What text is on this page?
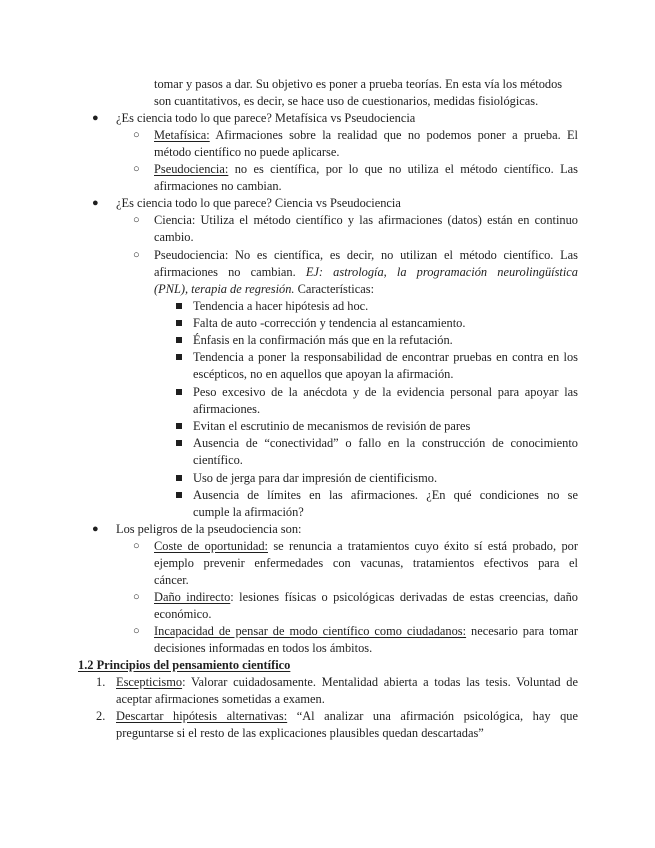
tomar y pasos a dar. Su objetivo es poner a prueba teorías. En esta vía los métodos
son cuantitativos, es decir, se hace uso de cuestionarios, medidas fisiológicas.
● ¿Es ciencia todo lo que parece? Metafísica vs Pseudociencia
○ Metafísica: Afirmaciones sobre la realidad que no podemos poner a prueba. El
método científico no puede aplicarse.
○ Pseudociencia: no es científica, por lo que no utiliza el método científico. Las
afirmaciones no cambian.
● ¿Es ciencia todo lo que parece? Ciencia vs Pseudociencia
○ Ciencia: Utiliza el método científico y las afirmaciones (datos) están en continuo
cambio.
○ Pseudociencia: No es científica, es decir, no utilizan el método científico. Las
afirmaciones no cambian. EJ: astrología, la programación neurolingüística
(PNL), terapia de regresión. Características:
Tendencia a hacer hipótesis ad hoc.
Falta de auto -corrección y tendencia al estancamiento.
Énfasis en la confirmación más que en la refutación.
Tendencia a poner la responsabilidad de encontrar pruebas en contra en los
escépticos, no en aquellos que apoyan la afirmación.
Peso excesivo de la anécdota y de la evidencia personal para apoyar las
afirmaciones.
Evitan el escrutinio de mecanismos de revisión de pares
Ausencia de “conectividad” o fallo en la construcción de conocimiento
científico.
Uso de jerga para dar impresión de cientificismo.
Ausencia de límites en las afirmaciones. ¿En qué condiciones no se
cumple la afirmación?
● Los peligros de la pseudociencia son:
○ Coste de oportunidad: se renuncia a tratamientos cuyo éxito sí está probado, por
ejemplo prevenir enfermedades con vacunas, tratamientos efectivos para el
cáncer.
○ Daño indirecto: lesiones físicas o psicológicas derivadas de estas creencias, daño
económico.
○ Incapacidad de pensar de modo científico como ciudadanos: necesario para tomar
decisiones informadas en todos los ámbitos.
1.2 Principios del pensamiento científico
1. Escepticismo: Valorar cuidadosamente. Mentalidad abierta a todas las tesis. Voluntad de
aceptar afirmaciones sometidas a examen.
2. Descartar hipótesis alternativas: “Al analizar una afirmación psicológica, hay que
preguntarse si el resto de las explicaciones plausibles quedan descartadas”
